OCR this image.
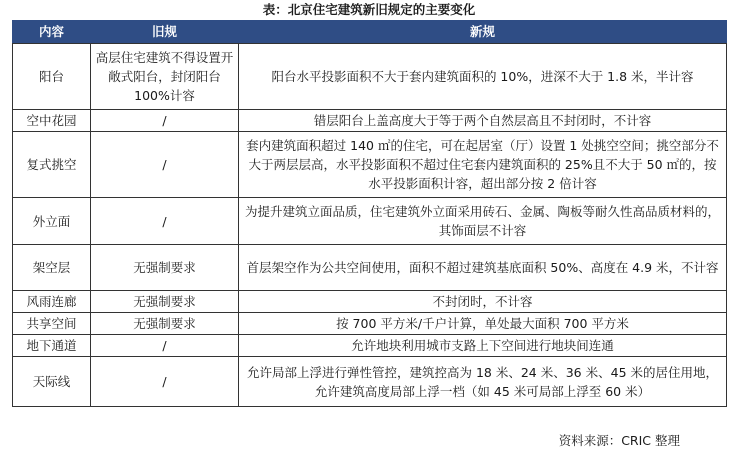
表：北京住宅建筑新旧规定的主要变化
内容	旧规	新规
阳台	高层住宅建筑不得设置开敞式阳台，封闭阳台100%计容	阳台水平投影面积不大于套内建筑面积的 10%，进深不大于 1.8 米，半计容
空中花园	/	错层阳台上盖高度大于等于两个自然层高且不封闭时，不计容
复式挑空	/	套内建筑面积超过 140 ㎡的住宅，可在起居室（厅）设置 1 处挑空空间；挑空部分不大于两层层高，水平投影面积不超过住宅套内建筑面积的 25%且不大于 50 ㎡的，按水平投影面积计容，超出部分按 2 倍计容
外立面	/	为提升建筑立面品质，住宅建筑外立面采用砖石、金属、陶板等耐久性高品质材料的，其饰面层不计容
架空层	无强制要求	首层架空作为公共空间使用，面积不超过建筑基底面积 50%、高度在 4.9 米，不计容
风雨连廊	无强制要求	不封闭时，不计容
共享空间	无强制要求	按 700 平方米/千户计算，单处最大面积 700 平方米
地下通道	/	允许地块利用城市支路上下空间进行地块间连通
天际线	/	允许局部上浮进行弹性管控，建筑控高为 18 米、24 米、36 米、45 米的居住用地，允许建筑高度局部上浮一档（如 45 米可局部上浮至 60 米）
资料来源：CRIC 整理
